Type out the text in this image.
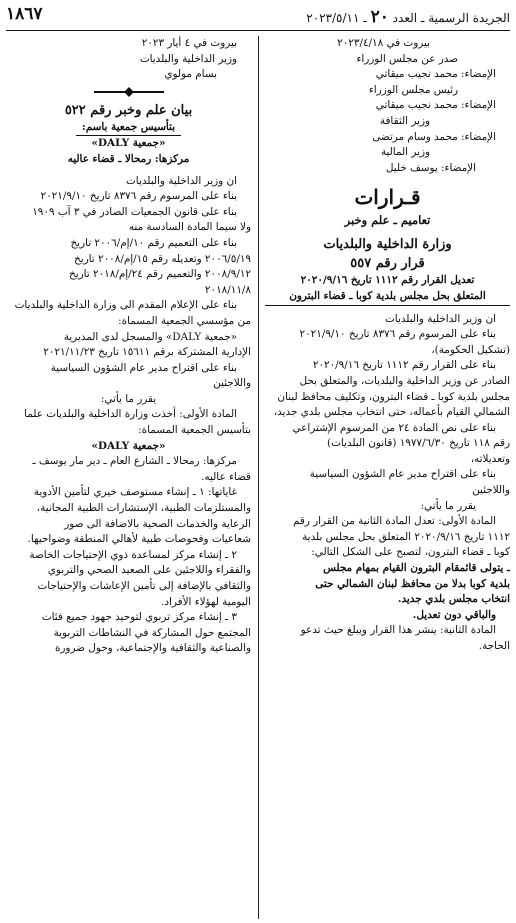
١٨٦٧	الجريدة الرسمية ـ العدد ٢٠ ـ ٢٠٢٣/٥/١١

بيروت في ٢٠٢٣/٤/١٨

صدر عن مجلس الوزراء

الإمضاء: محمد نجيب ميقاتي

رئيس مجلس الوزراء

الإمضاء: محمد نجيب ميقاتي

وزير الثقافة

الإمضاء: محمد وسام مرتضى

وزير المالية

الإمضاء: يوسف خليل

قـرارات

تعاميم ـ علم وخبر

وزارة الداخلية والبلديات

قرار رقم ٥٥٧

تعديل القرار رقم ١١١٢ تاريخ ٢٠٢٠/٩/١٦

المتعلق بحل مجلس بلدية كوبا ـ قضاء البترون

ان وزير الداخلية والبلديات

بناء على المرسوم رقم ٨٣٧٦ تاريخ ٢٠٢١/٩/١٠

(تشكيل الحكومة)،

بناء على القرار رقم ١١١٢ تاريخ ٢٠٢٠/٩/١٦

الصادر عن وزير الداخلية والبلديات، والمتعلق بحل

مجلس بلدية كوبا ـ قضاء البترون، وتكليف محافظ لبنان

الشمالي القيام بأعماله، حتى انتخاب مجلس بلدي جديد،

بناء على نص المادة ٢٤ من المرسوم الإشتراعي

رقم ١١٨ تاريخ ١٩٧٧/٦/٣٠ (قانون البلديات)

وتعديلاته،

بناء على اقتراح مدير عام الشؤون السياسية

واللاجئين

يقرر ما يأتي:

المادة الأولى: تعدل المادة الثانية من القرار رقم

١١١٢ تاريخ ٢٠٢٠/٩/١٦ المتعلق بحل مجلس بلدية

كوبا ـ قضاء البترون، لتصبح على الشكل التالي:

ـ يتولى قائمقام البترون القيام بمهام مجلس

بلدية كوبا بدلا من محافظ لبنان الشمالي حتى

انتخاب مجلس بلدي جديد.

والباقي دون تعديل.

المادة الثانية: ينشر هذا القرار ويبلغ حيث تدعو

الحاجة.

بيروت في ٤ أيار ٢٠٢٣

وزير الداخلية والبلديات

بسام مولوي

بيان علم وخبر رقم ٥٢٢

بتأسيس جمعية باسم:

«جمعية DALY»

مركزها: رمحالا ـ قضاء عاليه

ان وزير الداخلية والبلديات

بناء على المرسوم رقم ٨٣٧٦ تاريخ ٢٠٢١/٩/١٠

بناء على قانون الجمعيات الصادر في ٣ آب ١٩٠٩

ولا سيما المادة السادسة منه

بناء على التعميم رقم ١٠/إم/٢٠٠٦ تاريخ

٢٠٠٦/٥/١٩ وتعديله رقم ١٥/إم/٢٠٠٨ تاريخ

٢٠٠٨/٩/١٢ والتعميم رقم ٢٤/إم/٢٠١٨ تاريخ

٢٠١٨/١١/٨

بناء على الإعلام المقدم الى وزارة الداخلية والبلديات

من مؤسسي الجمعية المسماة:

«جمعية DALY» والمسجل لدى المديرية

الإدارية المشتركة برقم ١٥٦١١ تاريخ ٢٠٢١/١١/٢٣

بناء على اقتراح مدير عام الشؤون السياسية

واللاجئين

يقرر ما يأتي:

المادة الأولى: أخذت وزارة الداخلية والبلديات علما

بتأسيس الجمعية المسماة:

«جمعية DALY»

مركزها: رمحالا ـ الشارع العام ـ دير مار يوسف ـ

قضاء عاليه.

غاياتها: ١ ـ إنشاء مستوصف خيري لتأمين الأدوية

والمستلزمات الطبية، الإستشارات الطبية المجانية،

الرعاية والخدمات الصحية بالاضافة الى صور

شعاعيات وفحوصات طبية لأهالي المنطقة وضواحيها.

٢ ـ إنشاء مركز لمساعدة ذوي الإحتياجات الخاصة

والفقراء واللاجئين على الصعيد الصحي والتربوي

والثقافي بالإضافة إلى تأمين الإعاشات والإحتياجات

اليومية لهؤلاء الأفراد.

٣ ـ إنشاء مركز تربوي لتوحيد جهود جميع فئات

المجتمع حول المشاركة في النشاطات التربوية

والصناعية والثقافية والإجتماعية، وحول ضرورة
